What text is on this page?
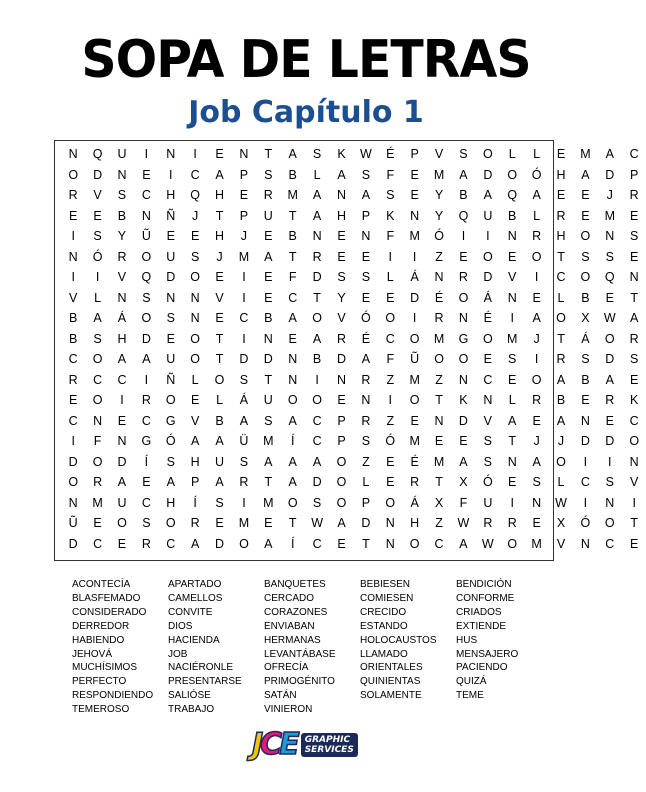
SOPA DE LETRAS
Job Capítulo 1
N	Q	U	I	N	I	E	N	T	A	S	K	W	É	P	V	S	O	L	L	E	M	A	C
O	D	N	E	I	C	A	P	S	B	L	A	S	F	E	M	A	D	O	Ó	H	A	D	P
R	V	S	C	H	Q	H	E	R	M	A	N	A	S	E	Y	B	A	Q	A	E	E	J	R
E	E	B	N	Ñ	J	T	P	U	T	A	H	P	K	N	Y	Q	U	B	L	R	E	M	E
I	S	Y	Ũ	E	E	H	J	E	B	N	E	N	F	M	Ó	I	I	N	R	H	O	N	S
N	Ó	R	O	U	S	J	M	A	T	R	E	E	I	I	Z	E	O	E	O	T	S	S	E
I	I	V	Q	D	O	E	I	E	F	D	S	S	L	Á	N	R	D	V	I	C	O	Q	N
V	L	N	S	N	N	V	I	E	C	T	Y	E	E	D	É	O	Á	N	E	L	B	E	T
B	A	Á	O	S	N	E	C	B	A	O	V	Ó	O	I	R	N	É	I	A	O	X	W	A
B	S	H	D	E	O	T	I	N	E	A	R	É	C	O	M	G	O	M	J	T	Á	O	R
C	O	A	A	U	O	T	D	D	N	B	D	A	F	Ũ	O	O	E	S	I	R	S	D	S
R	C	C	I	Ñ	L	O	S	T	N	I	N	R	Z	M	Z	N	C	E	O	A	B	A	E
E	O	I	R	O	E	L	Á	U	O	O	E	N	I	O	T	K	N	L	R	B	E	R	K
C	N	E	C	G	V	B	A	S	A	C	P	R	Z	E	N	D	V	A	E	A	N	E	C
I	F	N	G	Ó	A	A	Ü	M	Í	C	P	S	Ó	M	E	E	S	T	J	J	D	D	O
D	O	D	Í	S	H	U	S	A	A	A	O	Z	E	É	M	A	S	N	A	O	I	I	N
O	R	A	E	A	P	A	R	T	A	D	O	L	E	R	T	X	Ó	E	S	L	C	S	V
N	M	U	C	H	Í	S	I	M	O	S	O	P	O	Á	X	F	U	I	N	W	I	N	I
Ũ	E	O	S	O	R	E	M	E	T	W	A	D	N	H	Z	W	R	R	E	X	Ó	O	T
D	C	E	R	C	A	D	O	A	Í	C	E	T	N	O	C	A	W	O	M	V	N	C	E
ACONTECÍA
BLASFEMADO
CONSIDERADO
DERREDOR
HABIENDO
JEHOVÁ
MUCHÍSIMOS
PERFECTO
RESPONDIENDO
TEMEROSO
APARTADO
CAMELLOS
CONVITE
DIOS
HACIENDA
JOB
NACIÉRONLE
PRESENTARSE
SALIÓSE
TRABAJO
BANQUETES
CERCADO
CORAZONES
ENVIABAN
HERMANAS
LEVANTÁBASE
OFRECÍA
PRIMOGÉNITO
SATÁN
VINIERON
BEBIESEN
COMIESEN
CRECIDO
ESTANDO
HOLOCAUSTOS
LLAMADO
ORIENTALES
QUINIENTAS
SOLAMENTE
BENDICIÓN
CONFORME
CRIADOS
EXTIENDE
HUS
MENSAJERO
PACIENDO
QUIZÁ
TEME
J C E GRAPHIC
SERVICES
